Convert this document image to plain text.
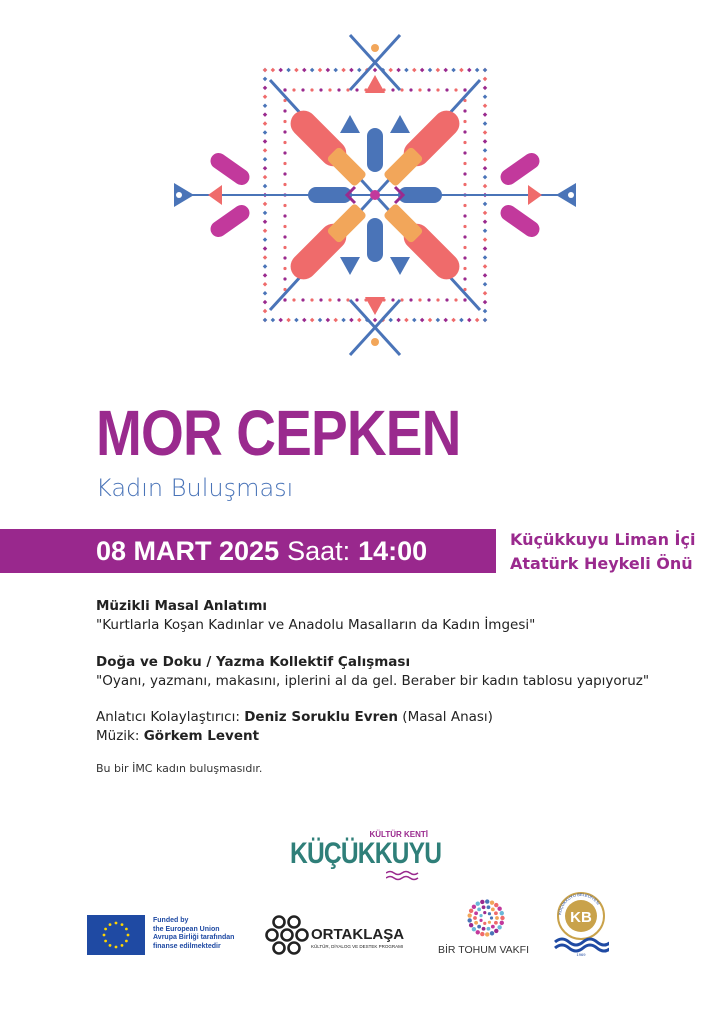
MOR CEPKEN
Kadın Buluşması
08 MART 2025 Saat: 14:00	Küçükkuyu Liman İçi
Atatürk Heykeli Önü
Müzikli Masal Anlatımı
"Kurtlarla Koşan Kadınlar ve Anadolu Masalların da Kadın İmgesi"
Doğa ve Doku / Yazma Kollektif Çalışması
"Oyanı, yazmanı, makasını, iplerini al da gel. Beraber bir kadın tablosu yapıyoruz"
Anlatıcı Kolaylaştırıcı: Deniz Soruklu Evren (Masal Anası)
Müzik: Görkem Levent
Bu bir İMC kadın buluşmasıdır.
KÜLTÜR KENTİ
KÜÇÜKKUYU
Funded by
the European Union
Avrupa Birliği tarafından
finanse edilmektedir
ORTAKLAŞA
KÜLTÜR, DİYALOG VE DESTEK PROGRAMI	BİR TOHUM VAKFI
KB
KÜÇÜKKUYU BELEDİYESİ
1969
